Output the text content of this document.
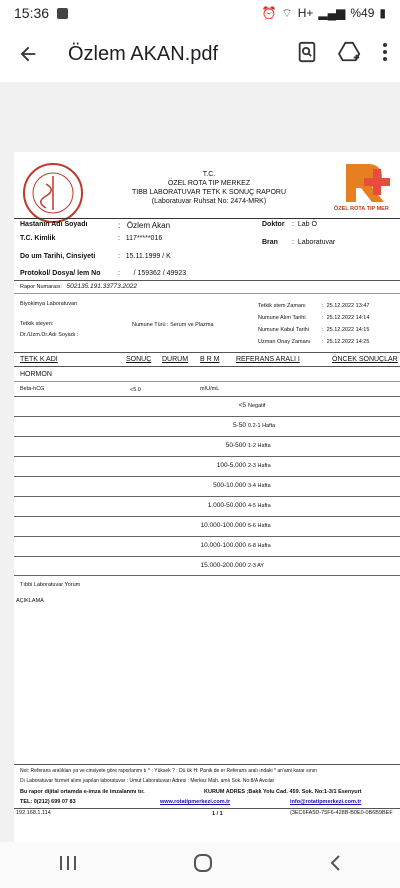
15:36	⏰ ⌔ H+ ▂▄▆ %49 ▮
Özlem AKAN.pdf
T.C.
ÖZEL ROTA TIP MERKEZ
TIBB LABORATUVAR TETK K SONUÇ RAPORU
(Laboratuvar Ruhsat No: 2474-MRK)
ÖZEL ROTA TIP MER
Hastanın Adı Soyadı	:   Özlem Akan	Doktor :  Lab Ö
T.C. Kimlik	:   117*****016
Bran :  Laboratuvar
Do um Tarihi, Cinsiyeti	:   15.11.1999 / K
Protokol/ Dosya/ lem No :       / 159362 / 49923
Rapor Numarası: 502135.191.33773.2022
Biyokimya Laboratuvarı
Tetkik steyen:
Dr./Uzm.Dr.Adı Soyadı :
Numune Türü : Serum ve Plazma
Tetkik stem Zamanı	:  25.12.2022 13:47
Numune Alım Tarihi	:  25.12.2022 14:14
Numune Kabul Tarihi :  25.12.2022 14:15
Uzman Onay Zamanı :  25.12.2022 14:25
TETK K ADI	SONUÇ DURUM B R M REFERANS ARALI I	ÖNCEK SONUÇLAR
HORMON
Beta-hCG	<5.0	mIU/mL
<5 Negatif
5-50 0.2-1 Hafta
50-500 1-2 Hafta
100-5.000 2-3 Hafta
500-10.000 3-4 Hafta
1.000-50.000 4-5 Hafta
10.000-100.000 5-6 Hafta
10.000-100.000 6-8 Hafta
15.000-200.000 2-3 AY
Tıbbi Laboratuvar Yorum
AÇIKLAMA
Not: Referans aralıkları ya ve cinsiyete göre raporlanmı tı ^ : Yüksek ? : Dü ük H: Panik de er Referans aralı ındaki * an'ami karar sınırı
Dı Laboratuvar hizmet alımı yapılan laboratuvar : Umut Laboratuvarı Adresi : Merkez Mah. amlı Sok. No:8/A Avcılar
Bu rapor dijital ortamda e-imza ile imzalanmı tır.	KURUM ADRES ;Bakk Yolu Cad. 459. Sok. No:1-3/1 Esenyurt
TEL: 0(212) 699 07 83	www.rotatipmerkezi.com.tr	info@rotatipmerkezi.com.tr
192.168.1.114	1 / 1	(3EC6FA5D-75F6-428B-B0E0-0B6B9BEF
